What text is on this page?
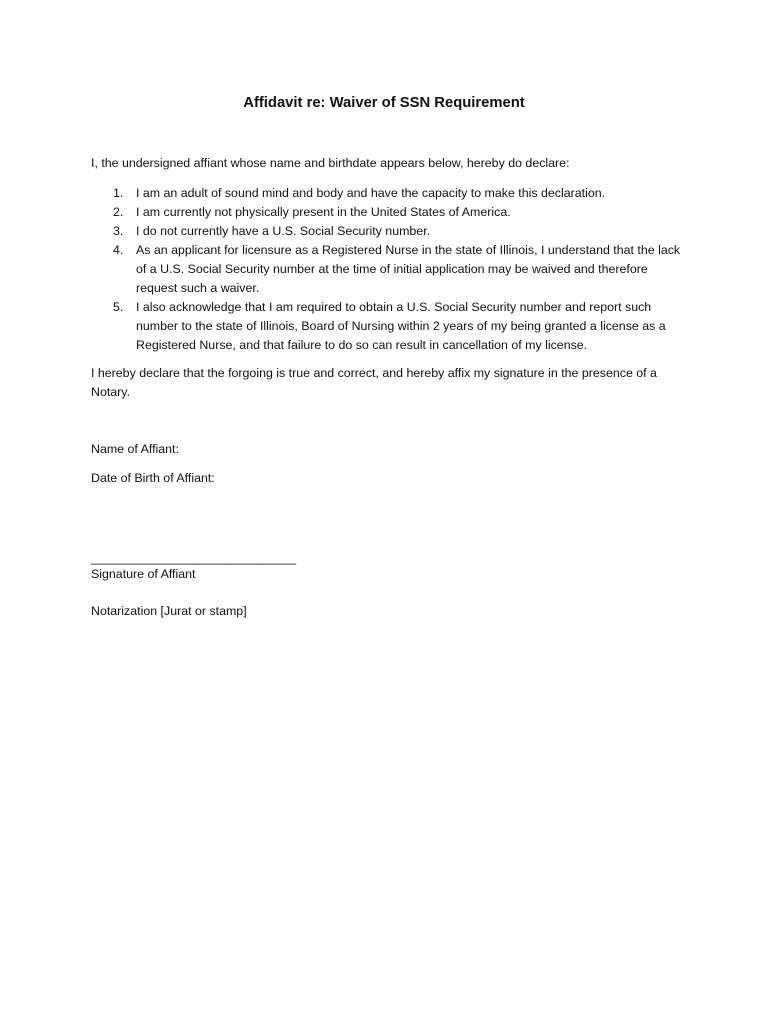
Affidavit re: Waiver of SSN Requirement

I, the undersigned affiant whose name and birthdate appears below, hereby do declare:

1. I am an adult of sound mind and body and have the capacity to make this declaration.
2. I am currently not physically present in the United States of America.
3. I do not currently have a U.S. Social Security number.
4. As an applicant for licensure as a Registered Nurse in the state of Illinois, I understand that the lack of a U.S. Social Security number at the time of initial application may be waived and therefore request such a waiver.
5. I also acknowledge that I am required to obtain a U.S. Social Security number and report such number to the state of Illinois, Board of Nursing within 2 years of my being granted a license as a Registered Nurse, and that failure to do so can result in cancellation of my license.

I hereby declare that the forgoing is true and correct, and hereby affix my signature in the presence of a Notary.

Name of Affiant:

Date of Birth of Affiant:

________________________________

Signature of Affiant

Notarization [Jurat or stamp]
